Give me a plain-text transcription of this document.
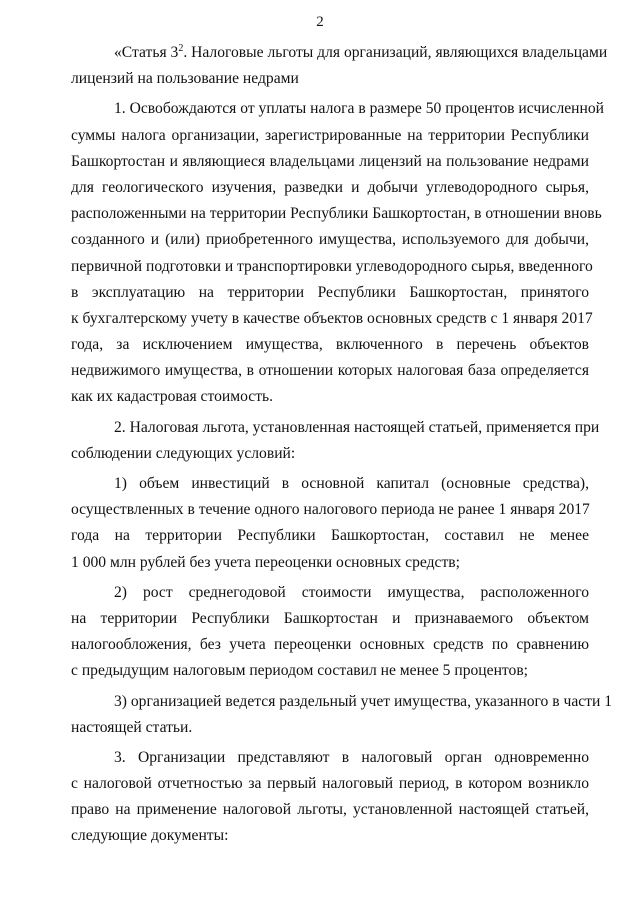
2
«Статья $3^2$. Налоговые льготы для организаций, являющихся владельцами
лицензий на пользование недрами
1. Освобождаются от уплаты налога в размере 50 процентов исчисленной
суммы налога организации, зарегистрированные на территории Республики
Башкортостан и являющиеся владельцами лицензий на пользование недрами
для геологического изучения, разведки и добычи углеводородного сырья,
расположенными на территории Республики Башкортостан, в отношении вновь
созданного и (или) приобретенного имущества, используемого для добычи,
первичной подготовки и транспортировки углеводородного сырья, введенного
в эксплуатацию на территории Республики Башкортостан, принятого
к бухгалтерскому учету в качестве объектов основных средств с 1 января 2017
года, за исключением имущества, включенного в перечень объектов
недвижимого имущества, в отношении которых налоговая база определяется
как их кадастровая стоимость.
2. Налоговая льгота, установленная настоящей статьей, применяется при
соблюдении следующих условий:
1) объем инвестиций в основной капитал (основные средства),
осуществленных в течение одного налогового периода не ранее 1 января 2017
года на территории Республики Башкортостан, составил не менее
1 000 млн рублей без учета переоценки основных средств;
2) рост среднегодовой стоимости имущества, расположенного
на территории Республики Башкортостан и признаваемого объектом
налогообложения, без учета переоценки основных средств по сравнению
с предыдущим налоговым периодом составил не менее 5 процентов;
3) организацией ведется раздельный учет имущества, указанного в части 1
настоящей статьи.
3. Организации представляют в налоговый орган одновременно
с налоговой отчетностью за первый налоговый период, в котором возникло
право на применение налоговой льготы, установленной настоящей статьей,
следующие документы:
